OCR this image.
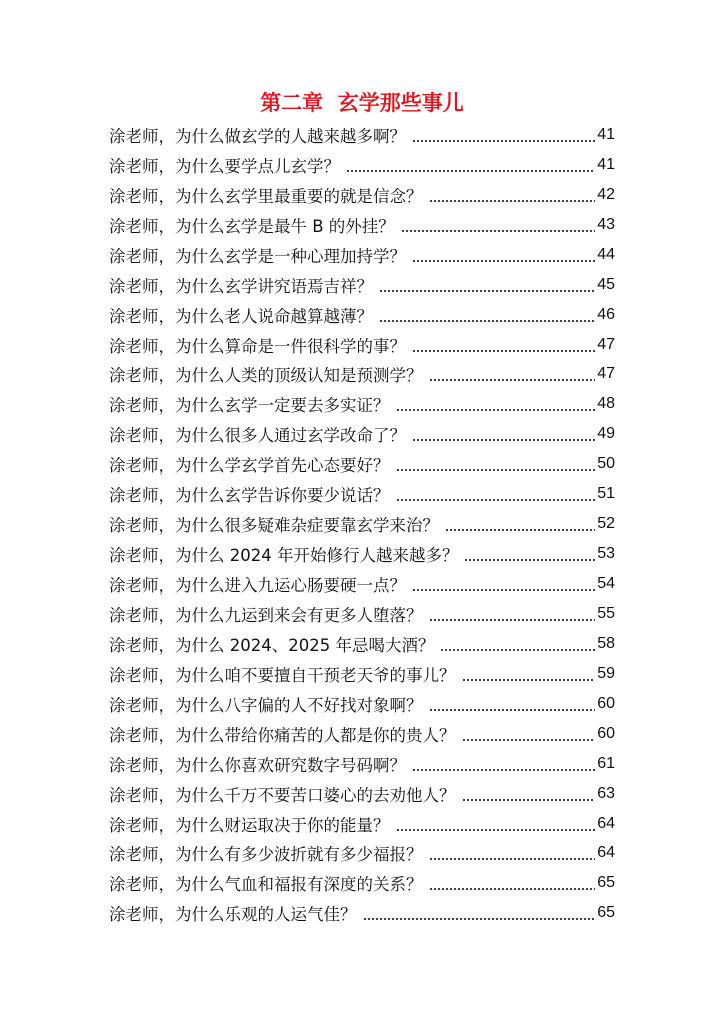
第二章  玄学那些事儿
涂老师，为什么做玄学的人越来越多啊？	41
涂老师，为什么要学点儿玄学？	41
涂老师，为什么玄学里最重要的就是信念？	42
涂老师，为什么玄学是最牛 B 的外挂？	43
涂老师，为什么玄学是一种心理加持学？	44
涂老师，为什么玄学讲究语焉吉祥？	45
涂老师，为什么老人说命越算越薄？	46
涂老师，为什么算命是一件很科学的事？	47
涂老师，为什么人类的顶级认知是预测学？	47
涂老师，为什么玄学一定要去多实证？	48
涂老师，为什么很多人通过玄学改命了？	49
涂老师，为什么学玄学首先心态要好？	50
涂老师，为什么玄学告诉你要少说话？	51
涂老师，为什么很多疑难杂症要靠玄学来治？	52
涂老师，为什么 2024 年开始修行人越来越多？	53
涂老师，为什么进入九运心肠要硬一点？	54
涂老师，为什么九运到来会有更多人堕落？	55
涂老师，为什么 2024、2025 年忌喝大酒？	58
涂老师，为什么咱不要擅自干预老天爷的事儿？	59
涂老师，为什么八字偏的人不好找对象啊？	60
涂老师，为什么带给你痛苦的人都是你的贵人？	60
涂老师，为什么你喜欢研究数字号码啊？	61
涂老师，为什么千万不要苦口婆心的去劝他人？	63
涂老师，为什么财运取决于你的能量？	64
涂老师，为什么有多少波折就有多少福报？	64
涂老师，为什么气血和福报有深度的关系？	65
涂老师，为什么乐观的人运气佳？	65
